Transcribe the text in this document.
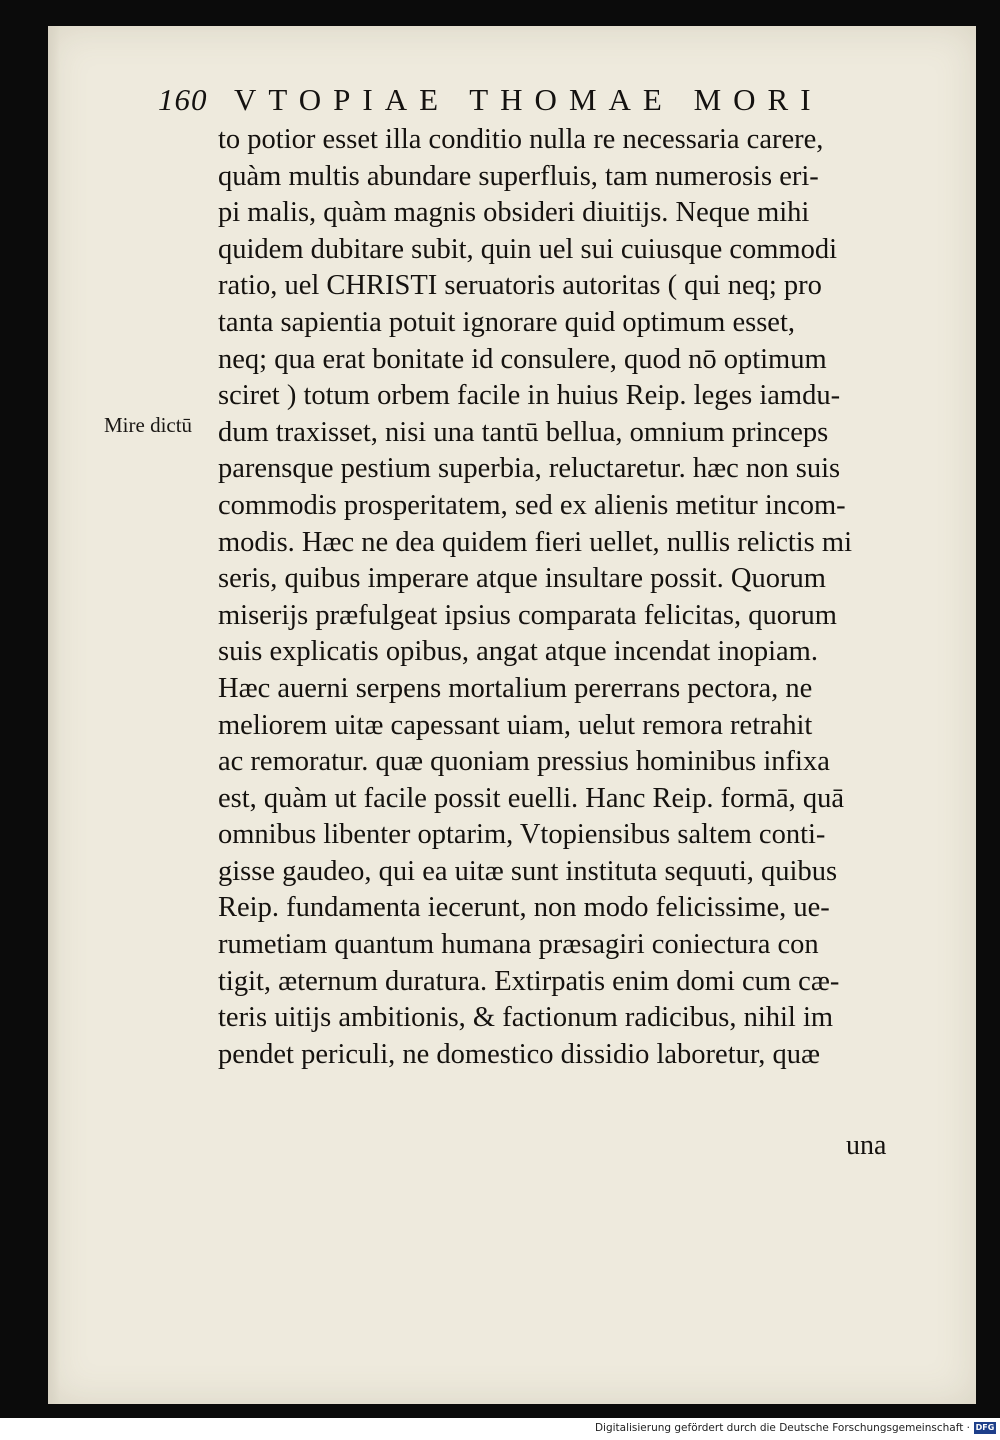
160 VTOPIAE THOMAE MORI
Mire dictū
to potior esset illa conditio nulla re necessaria carere,
quàm multis abundare superfluis, tam numerosis eri-
pi malis, quàm magnis obsideri diuitijs. Neque mihi
quidem dubitare subit, quin uel sui cuiusque commodi
ratio, uel CHRISTI seruatoris autoritas ( qui neq; pro
tanta sapientia potuit ignorare quid optimum esset,
neq; qua erat bonitate id consulere, quod nō optimum
sciret ) totum orbem facile in huius Reip. leges iamdu-
dum traxisset, nisi una tantū bellua, omnium princeps
parensque pestium superbia, reluctaretur. hæc non suis
commodis prosperitatem, sed ex alienis metitur incom-
modis. Hæc ne dea quidem fieri uellet, nullis relictis mi
seris, quibus imperare atque insultare possit. Quorum
miserijs præfulgeat ipsius comparata felicitas, quorum
suis explicatis opibus, angat atque incendat inopiam.
Hæc auerni serpens mortalium pererrans pectora, ne
meliorem uitæ capessant uiam, uelut remora retrahit
ac remoratur. quæ quoniam pressius hominibus infixa
est, quàm ut facile possit euelli. Hanc Reip. formā, quā
omnibus libenter optarim, Vtopiensibus saltem conti-
gisse gaudeo, qui ea uitæ sunt instituta sequuti, quibus
Reip. fundamenta iecerunt, non modo felicissime, ue-
rumetiam quantum humana præsagiri coniectura con
tigit, æternum duratura. Extirpatis enim domi cum cæ-
teris uitijs ambitionis, & factionum radicibus, nihil im
pendet periculi, ne domestico dissidio laboretur, quæ
una
Digitalisierung gefördert durch die Deutsche Forschungsgemeinschaft · DFG
